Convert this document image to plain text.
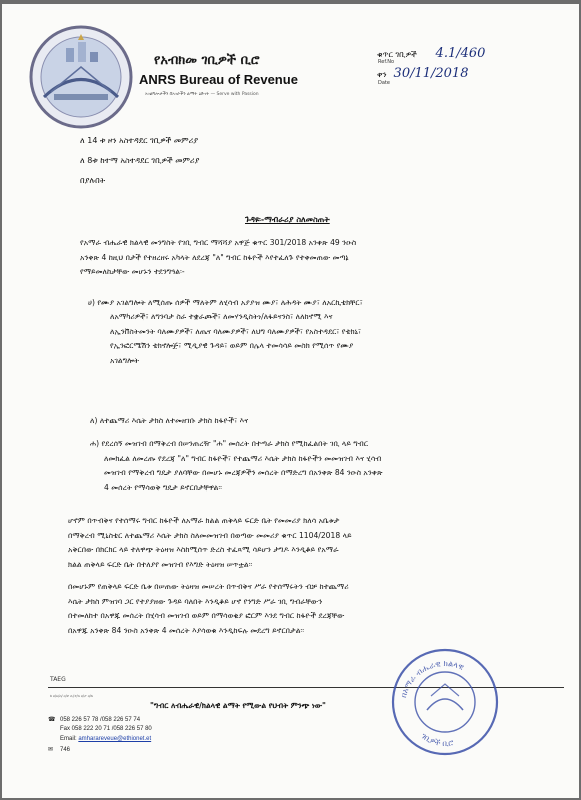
የአብክመ ገቢዎች ቢሮ
ANRS Bureau of Revenue
አገልግሎታችን በአገራችን ልማት ዕድገት — Serve with Passion
ቁጥር ገቢዎች 4.1/460
Ref.No
ቀን 30/11/2018
Date
ለ 14 ቱ ዞን አስተዳደር ገቢዎች መምሪያ
ለ 8ቱ ከተማ አስተዳደር ገቢዎች መምሪያ
በያሉበት
ጉዳዩ፡-ማብራሪያ ስለመስጠት
የአማራ ብሔራዊ ክልላዊ መንግስት የገቢ ግብር ማሻሻያ አዋጅ ቁጥር 301/2018 አንቀጽ 49 ንዑስ
አንቀጽ 4 ከዚህ በታች የተዘረዘሩ አካላት ለደረጃ "ለ" ግብር ከፋዮች እየተፈለጉ የተቀመጠው መጣኔ
የማይመለከታቸው መሆኑን ተደንግጓል፡-
ሀ) የሙያ አገልግሎት ለሚሰጡ ሰዎች ማለትም ለሂሳብ አያያዝ ሙያ፣ ለሕዳት ሙያ፣ ለአርኪቴክቸር፣
ለአማካሪዎች፣ ለግንባታ ስራ ተቋራጮች፣ ለመሃንዲስትነ/ለፋይናንስ፣ ለለከኖሚ እና
ለኢንቨስትመንት ባለሙያዎች፣ ለጤና ባለሙያዎች፣ ለህግ ባለሙያዎች፣ የአስተዳደር፣ የቴክኒ፣
የኢንፎርሜሽን ቴክኖሎጅ፣ ሚዲያዊ ጉዳይ፣ ወይም በሌላ ተመሳሳይ መስክ የሚሰጥ የሙያ
አገልግሎት
ለ) ለተጨማሪ እሴት ታክስ ለተመዘገቡ ታክስ ከፋዮች፣ እና
ሐ) የደረሰኝ መዝገብ በማቅረብ በሠንጠረዥ "ሐ" መሰረት በተጣራ ታክስ የሚከፈልበት ገቢ ላይ ግብር
ለመክፈል ለመረጡ የደረጃ "ለ" ግብር ከፋዮች፣ የተጨማሪ እሴት ታክስ ከፋዮችን መመዝገብ እና ሂሳብ
መዝገብ የማቅረብ ግዴታ ያለባቸው በመሆኑ መረጃዎችን መሰረት በማድረግ በአንቀጽ 84 ንዑስ አንቀጽ
4 መሰረት የማሳወቅ ግዴታ ይኖርበታቸዋል፡፡
ሆኖም በጥብቅና የተሰማሩ ግብር ከፋዮች ለአማራ ክልል ጠቅላይ ፍርድ ቤት የመመሪያ ክለሳ አቤቱታ
በማቅረብ ሚኒስቴር ለተጨማሪ እሴት ታክስ ስለመመዝገብ በወጣው መመሪያ ቁጥር 1104/2018 ላይ
አቅርበው በክርክር ላይ ተለዋጭ ትዕዛዝ እስከሚሰጥ ድረስ ተፈጻሚ ሳይሆን ታግዶ እንዲቆይ የአማራ
ክልል ጠቅላይ ፍርድ ቤት በተለያየ መዝገብ የእግድ ትዕዛዝ ሠጥቷል፡፡
በመሆኑም የጠቅላይ ፍርድ ቤቱ በሠጠው ትዕዛዝ መሠረት በጥብቅና ሥራ የተሰማሩትን ብቻ ከተጨማሪ
እሴት ታክስ ምዝገባ ጋር የተያያዘው ጉዳይ ባለበት እንዲቆይ ሆኖ የንግድ ሥራ ገቢ ግብራቸውን
በተመለከተ በአዋጁ መሰረት በሂሳብ መዝገብ ወይም በማሳወቂያ ፎርም እንደ ግብር ከፋዮች ደረጃቸው
በአዋጁ አንቀጽ 84 ንዑስ አንቀጽ 4 መሰረት እያሳወቁ እንዲከፍሉ መደረግ ይኖርበታል፡፡
TAEG
ከ ዐ/አ/ሰ/ ዐ/ቀ ሲ/ተ/ሰ ዐ/ታ ዐ/ለ
"ግብር ለብሔራዊ/ክልላዊ ልማት የሚውል የህብት ምንጭ ነው"
☎ 058 226 57 78 /058 226 57 74
Fax 058 222 20 71 /058 226 57 80
Email: amharareveue@ethionet.et
✉ 746
በአማራ ብሔራዊ ክልላዊ
ገቢዎች ቢሮ
